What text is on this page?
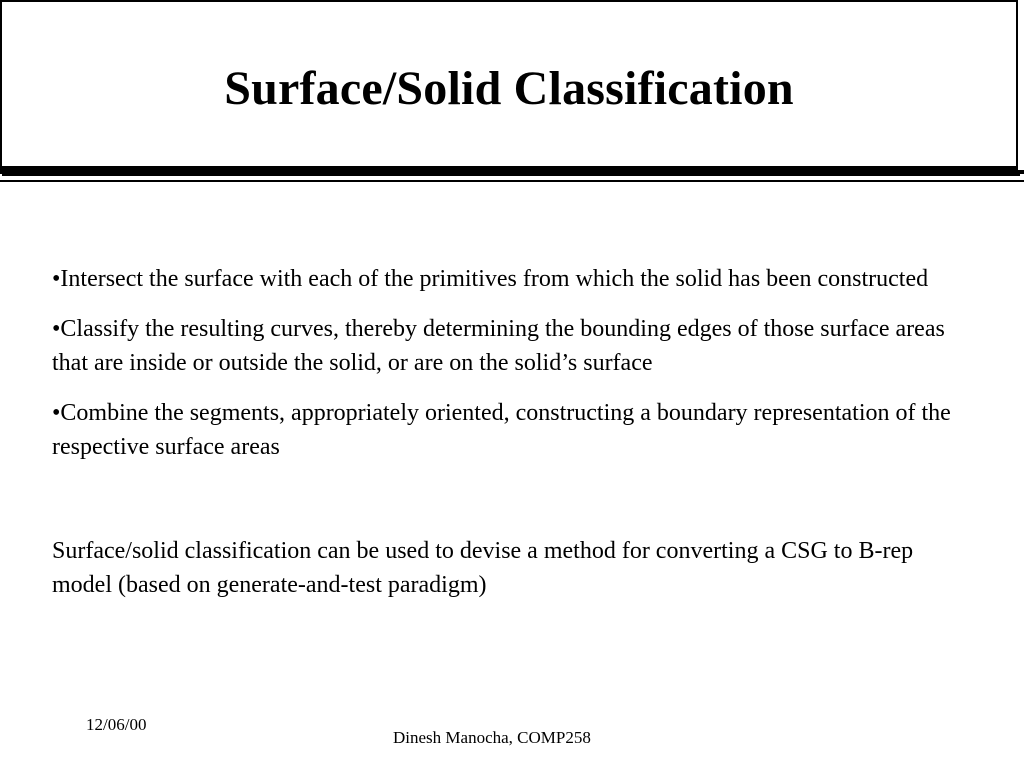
Surface/Solid Classification

•Intersect the surface with each of the primitives from which the solid has been constructed

•Classify the resulting curves, thereby determining the bounding edges of those surface areas that are inside or outside the solid, or are on the solid’s surface

•Combine the segments, appropriately oriented, constructing a boundary representation of the respective surface areas

Surface/solid classification can be used to devise a method for converting a CSG to B-rep model (based on generate-and-test paradigm)

12/06/00
Dinesh Manocha, COMP258
